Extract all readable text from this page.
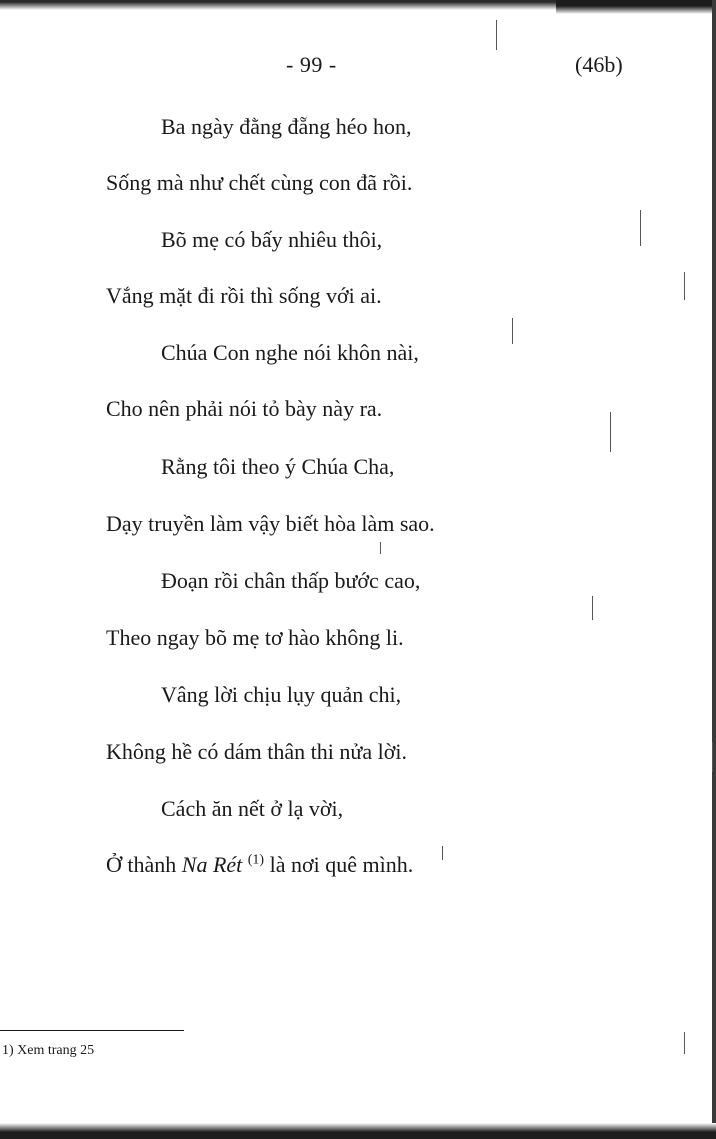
- 99 -	(46b)
Ba ngày đằng đẵng héo hon,
Sống mà như chết cùng con đã rồi.
Bõ mẹ có bấy nhiêu thôi,
Vắng mặt đi rồi thì sống với ai.
Chúa Con nghe nói khôn nài,
Cho nên phải nói tỏ bày này ra.
Rằng tôi theo ý Chúa Cha,
Dạy truyền làm vậy biết hòa làm sao.
Đoạn rồi chân thấp bước cao,
Theo ngay bõ mẹ tơ hào không li.
Vâng lời chịu lụy quản chi,
Không hề có dám thân thi nửa lời.
Cách ăn nết ở lạ vời,
Ở thành Na Rét $^{(1)}$ là nơi quê mình.
1) Xem trang 25
